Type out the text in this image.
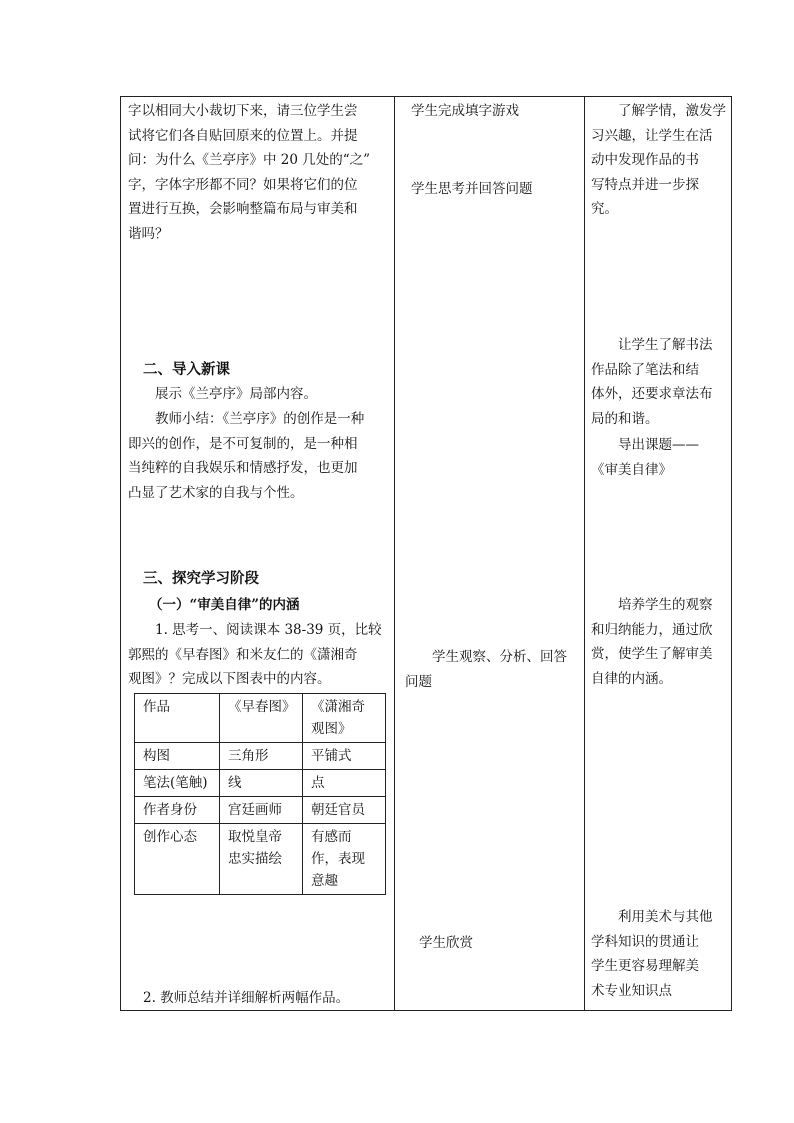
字以相同大小裁切下来，请三位学生尝
试将它们各自贴回原来的位置上。并提
问：为什么《兰亭序》中 20 几处的“之”
字，字体字形都不同？如果将它们的位
置进行互换，会影响整篇布局与审美和
谐吗？
二、导入新课
展示《兰亭序》局部内容。
教师小结：《兰亭序》的创作是一种
即兴的创作，是不可复制的，是一种相
当纯粹的自我娱乐和情感抒发，也更加
凸显了艺术家的自我与个性。
三、探究学习阶段
（一）“审美自律”的内涵
1. 思考一、阅读课本 38-39 页，比较
郭熙的《早春图》和米友仁的《潇湘奇
观图》？完成以下图表中的内容。
作品	《早春图》	《潇湘奇观图》
构图	三角形	平铺式
笔法(笔触)	线	点
作者身份	宫廷画师	朝廷官员
创作心态	取悦皇帝忠实描绘	有感而作，表现意趣
2. 教师总结并详细解析两幅作品。
学生完成填字游戏
学生思考并回答问题
学生观察、分析、回答
问题
学生欣赏
了解学情，激发学
习兴趣，让学生在活
动中发现作品的书
写特点并进一步探
究。
让学生了解书法
作品除了笔法和结
体外，还要求章法布
局的和谐。
导出课题——
《审美自律》
培养学生的观察
和归纳能力，通过欣
赏，使学生了解审美
自律的内涵。
利用美术与其他
学科知识的贯通让
学生更容易理解美
术专业知识点
